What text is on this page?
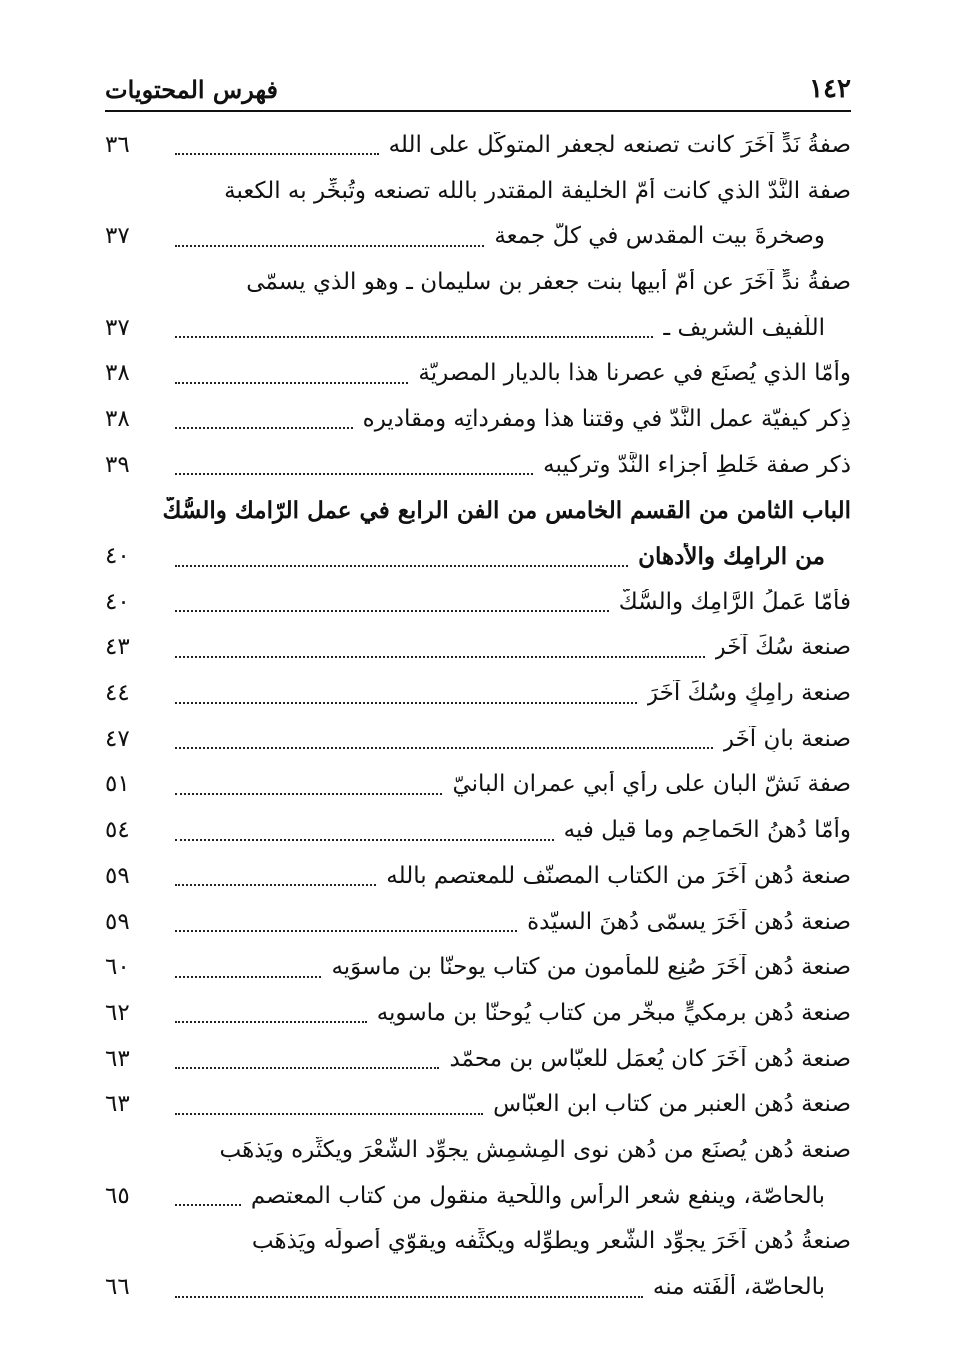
فهرس المحتويات	١٤٢
صفةُ نَدٍّ آخَرَ كانت تصنعه لجعفر المتوكّل على الله
٣٦
صفة النَّدّ الذي كانت أمّ الخليفة المقتدر بالله تصنعه وتُبخِّر به الكعبة
وصخرةَ بيت المقدس في كلّ جمعة
٣٧
صفةُ ندٍّ آخَرَ عن أُمّ أبيها بنت جعفر بن سليمان ـ وهو الذي يسمّى
اللّفيف الشريف ـ
٣٧
وأمّا الذي يُصنَع في عصرنا هذا بالديار المصريّة
٣٨
ذِكر كيفيّة عمل النَّدّ في وقتنا هذا ومفرداتِه ومقاديرِه
٣٨
ذكر صفة خَلطِ أجزاء النَّدّ وتركيبه
٣٩
الباب الثامن من القسم الخامس من الفن الرابع في عمل الرّامك والسُّكّ
من الرامِك والأدهان
٤٠
فأمّا عَملُ الرَّامِك والسُّكّ
٤٠
صنعة سُكٍّ آخَر
٤٣
صنعة رامِكٍ وسُكٍّ آخَرَ
٤٤
صنعة بانٍ آخَر
٤٧
صفة نَشّ البان على رأي أبي عمران البانيّ
٥١
وأمّا دُهنُ الحَماحِم وما قيل فيه
٥٤
صنعة دُهن آخَرَ من الكتاب المصنّف للمعتصم بالله
٥٩
صنعة دُهن آخَرَ يسمّى دُهنَ السيّدة
٥٩
صنعة دُهن آخَرَ صُنِع للمأمون من كتاب يوحنّا بن ماسوَيه
٦٠
صنعة دُهنٍ برمكيٍّ مبخَّر من كتاب يُوحنّا بن ماسويه
٦٢
صنعة دُهنٍ آخَرَ كان يُعمَل للعبّاس بنِ محمّد
٦٣
صنعة دُهن العنبر من كتاب ابنِ العبّاس
٦٣
صنعة دُهنٍ يُصنَع من دُهنِ نوى المِشمِش يجوِّد الشَّعْرَ ويكثِّره ويَذهَب
بالحاصّة، وينفع شعر الرأس واللّحية منقول من كتاب المعتصم
٦٥
صنعةُ دُهن آخَرَ يجوِّد الشَّعر ويطوِّله ويكثِّفه ويقوّي أصولَه ويَذهَب
بالحاصّة، أَلْفَته منه
٦٦
